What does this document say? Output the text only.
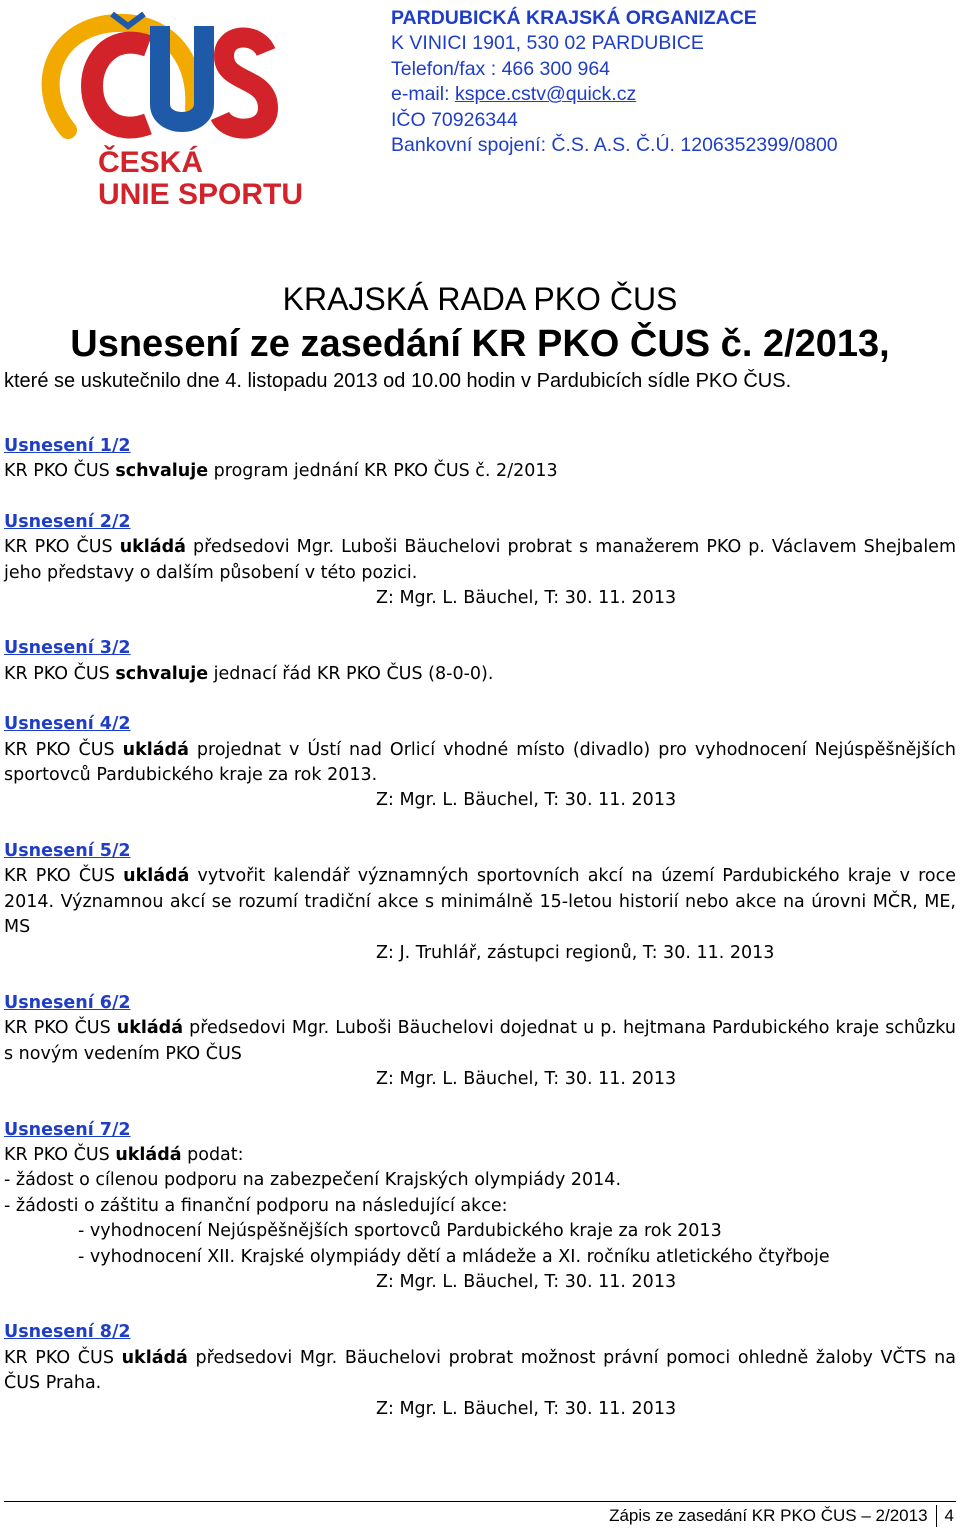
ČESKÁ
UNIE SPORTU
PARDUBICKÁ KRAJSKÁ ORGANIZACE
K VINICI 1901, 530 02 PARDUBICE
Telefon/fax : 466 300 964
e-mail: kspce.cstv@quick.cz
IČO 70926344
Bankovní spojení: Č.S. A.S. Č.Ú. 1206352399/0800
KRAJSKÁ RADA PKO ČUS
Usnesení ze zasedání KR PKO ČUS č. 2/2013,
které se uskutečnilo dne 4. listopadu 2013 od 10.00 hodin v Pardubicích sídle PKO ČUS.
Usnesení 1/2
KR PKO ČUS schvaluje program jednání KR PKO ČUS č. 2/2013
Usnesení 2/2
KR PKO ČUS ukládá předsedovi Mgr. Luboši Bäuchelovi probrat s manažerem PKO p. Václavem Shejbalem jeho představy o dalším působení v této pozici.
Z: Mgr. L. Bäuchel, T: 30. 11. 2013
Usnesení 3/2
KR PKO ČUS schvaluje jednací řád KR PKO ČUS (8-0-0).
Usnesení 4/2
KR PKO ČUS ukládá projednat v Ústí nad Orlicí vhodné místo (divadlo) pro vyhodnocení Nejúspěšnějších sportovců Pardubického kraje za rok 2013.
Z: Mgr. L. Bäuchel, T: 30. 11. 2013
Usnesení 5/2
KR PKO ČUS ukládá vytvořit kalendář významných sportovních akcí na území Pardubického kraje v roce 2014. Významnou akcí se rozumí tradiční akce s minimálně 15-letou historií nebo akce na úrovni MČR, ME, MS
Z: J. Truhlář, zástupci regionů, T: 30. 11. 2013
Usnesení 6/2
KR PKO ČUS ukládá předsedovi Mgr. Luboši Bäuchelovi dojednat u p. hejtmana Pardubického kraje schůzku s novým vedením PKO ČUS
Z: Mgr. L. Bäuchel, T: 30. 11. 2013
Usnesení 7/2
KR PKO ČUS ukládá podat:
- žádost o cílenou podporu na zabezpečení Krajských olympiády 2014.
- žádosti o záštitu a finanční podporu na následující akce:
- vyhodnocení Nejúspěšnějších sportovců Pardubického kraje za rok 2013
- vyhodnocení XII. Krajské olympiády dětí a mládeže a XI. ročníku atletického čtyřboje
Z: Mgr. L. Bäuchel, T: 30. 11. 2013
Usnesení 8/2
KR PKO ČUS ukládá předsedovi Mgr. Bäuchelovi probrat možnost právní pomoci ohledně žaloby VČTS na ČUS Praha.
Z: Mgr. L. Bäuchel, T: 30. 11. 2013
Zápis ze zasedání KR PKO ČUS – 2/2013 4
